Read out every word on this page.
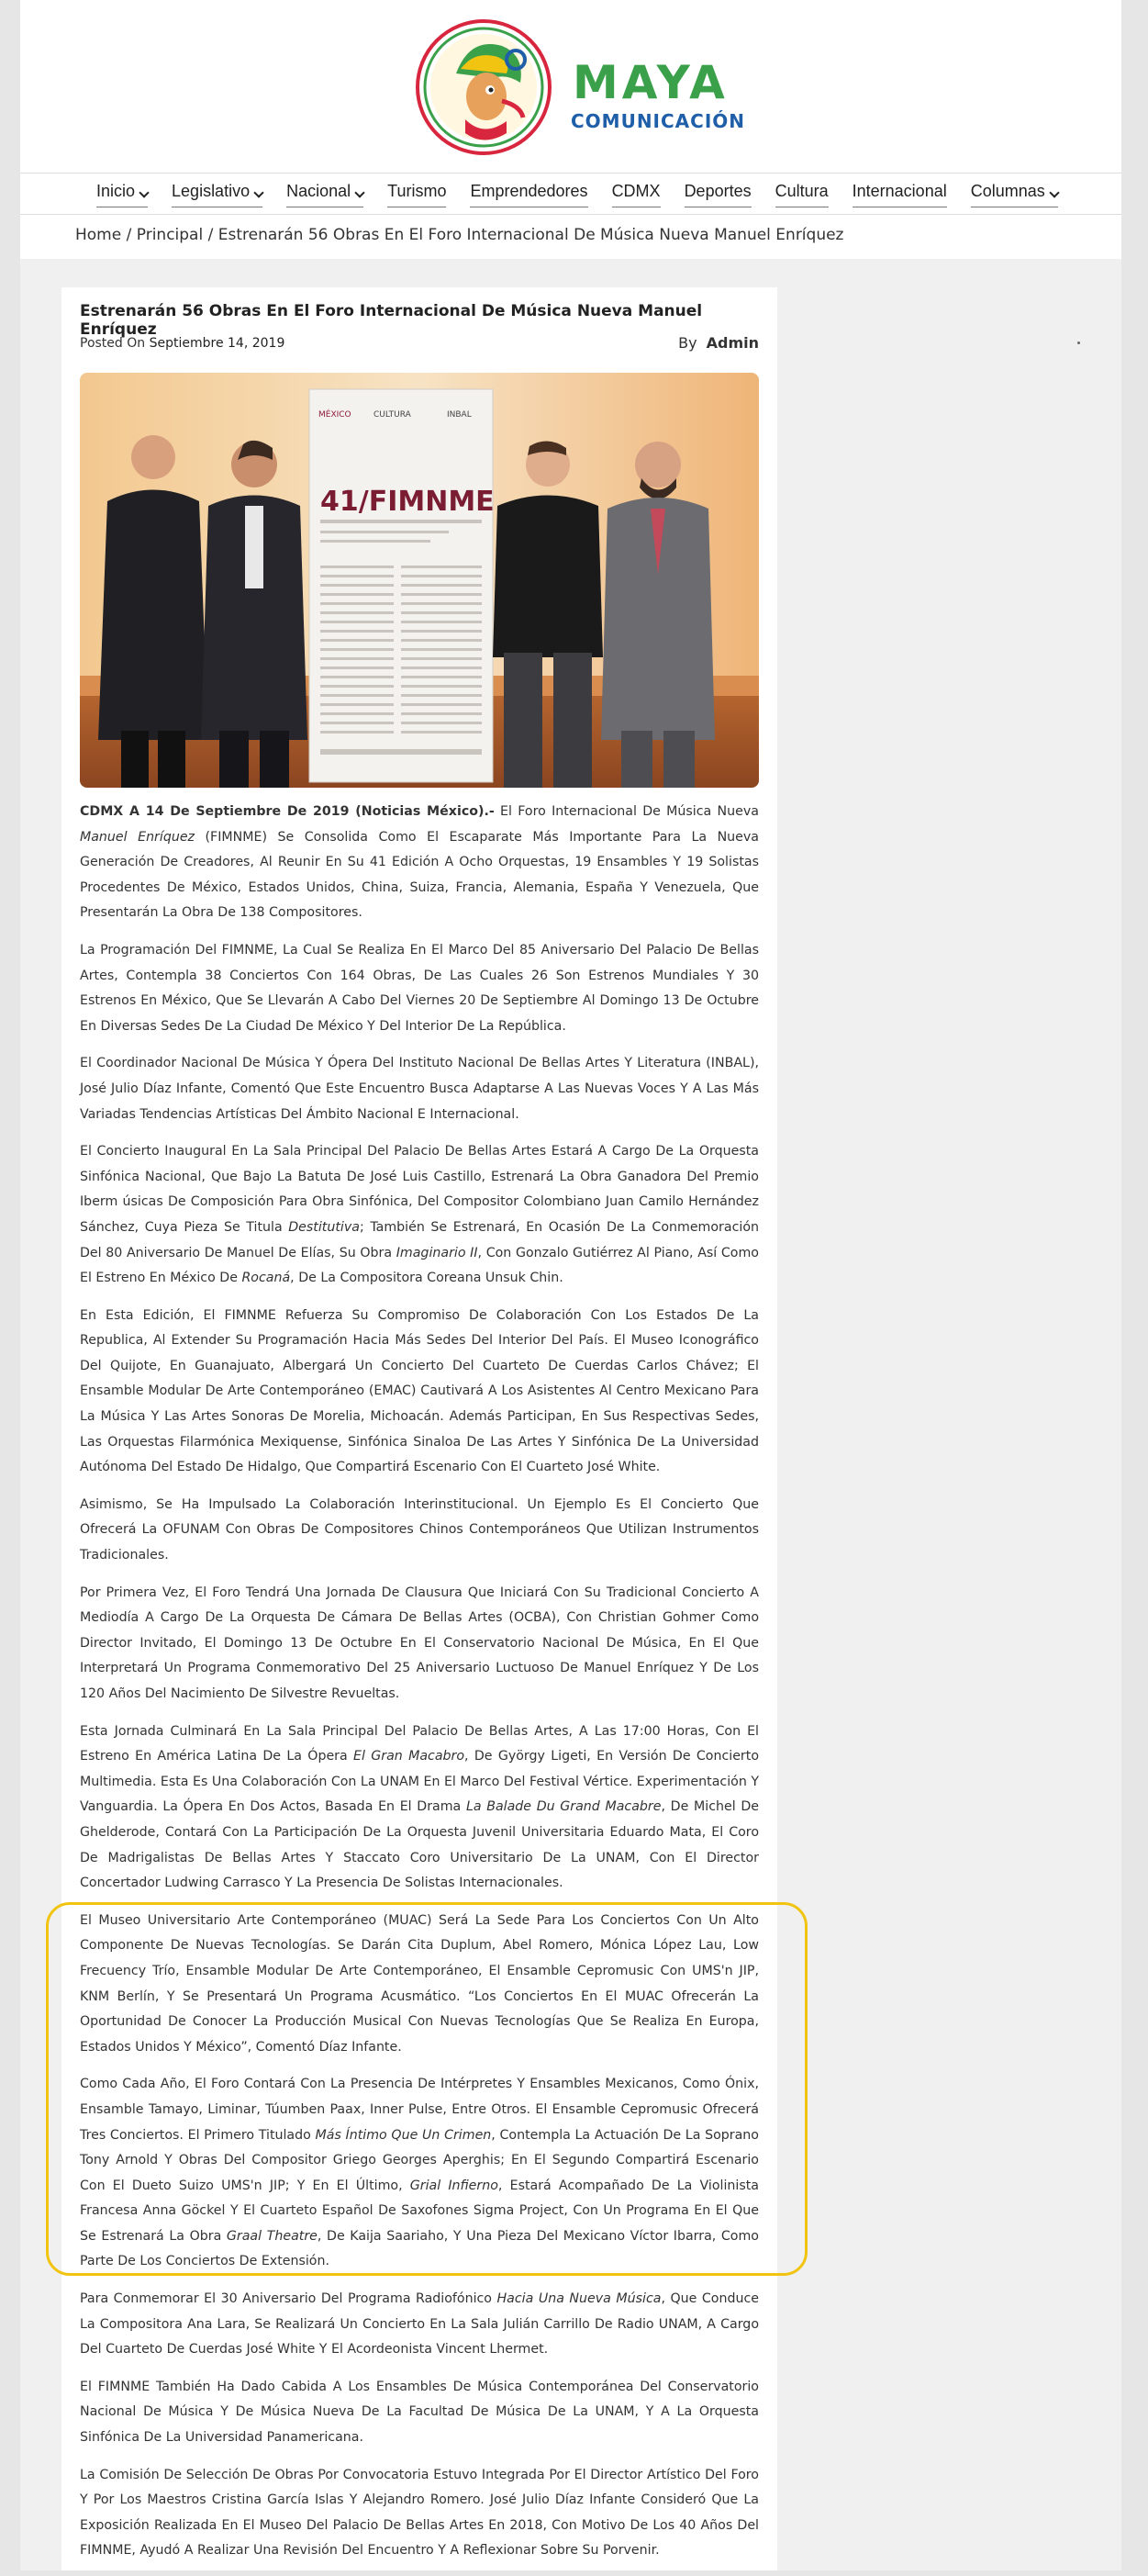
MAYA
COMUNICACIÓN
Inicio	Legislativo	Nacional	Turismo Emprendedores CDMX Deportes Cultura Internacional Columnas
Home / Principal / Estrenarán 56 Obras En El Foro Internacional De Música Nueva Manuel Enríquez
Estrenarán 56 Obras En El Foro Internacional De Música Nueva Manuel Enríquez
Posted On Septiembre 14, 2019	By Admin
MÉXICO	CULTURA	INBAL
41/FIMNME

CDMX A 14 De Septiembre De 2019 (Noticias México).- El Foro Internacional De Música Nueva Manuel Enríquez (FIMNME) Se Consolida Como El Escaparate Más Importante Para La Nueva Generación De Creadores, Al Reunir En Su 41 Edición A Ocho Orquestas, 19 Ensambles Y 19 Solistas Procedentes De México, Estados Unidos, China, Suiza, Francia, Alemania, España Y Venezuela, Que Presentarán La Obra De 138 Compositores.

La Programación Del FIMNME, La Cual Se Realiza En El Marco Del 85 Aniversario Del Palacio De Bellas Artes, Contempla 38 Conciertos Con 164 Obras, De Las Cuales 26 Son Estrenos Mundiales Y 30 Estrenos En México, Que Se Llevarán A Cabo Del Viernes 20 De Septiembre Al Domingo 13 De Octubre En Diversas Sedes De La Ciudad De México Y Del Interior De La República.

El Coordinador Nacional De Música Y Ópera Del Instituto Nacional De Bellas Artes Y Literatura (INBAL), José Julio Díaz Infante, Comentó Que Este Encuentro Busca Adaptarse A Las Nuevas Voces Y A Las Más Variadas Tendencias Artísticas Del Ámbito Nacional E Internacional.

El Concierto Inaugural En La Sala Principal Del Palacio De Bellas Artes Estará A Cargo De La Orquesta Sinfónica Nacional, Que Bajo La Batuta De José Luis Castillo, Estrenará La Obra Ganadora Del Premio Iberm úsicas De Composición Para Obra Sinfónica, Del Compositor Colombiano Juan Camilo Hernández Sánchez, Cuya Pieza Se Titula Destitutiva; También Se Estrenará, En Ocasión De La Conmemoración Del 80 Aniversario De Manuel De Elías, Su Obra Imaginario II, Con Gonzalo Gutiérrez Al Piano, Así Como El Estreno En México De Rocaná, De La Compositora Coreana Unsuk Chin.

En Esta Edición, El FIMNME Refuerza Su Compromiso De Colaboración Con Los Estados De La Republica, Al Extender Su Programación Hacia Más Sedes Del Interior Del País. El Museo Iconográfico Del Quijote, En Guanajuato, Albergará Un Concierto Del Cuarteto De Cuerdas Carlos Chávez; El Ensamble Modular De Arte Contemporáneo (EMAC) Cautivará A Los Asistentes Al Centro Mexicano Para La Música Y Las Artes Sonoras De Morelia, Michoacán. Además Participan, En Sus Respectivas Sedes, Las Orquestas Filarmónica Mexiquense, Sinfónica Sinaloa De Las Artes Y Sinfónica De La Universidad Autónoma Del Estado De Hidalgo, Que Compartirá Escenario Con El Cuarteto José White.

Asimismo, Se Ha Impulsado La Colaboración Interinstitucional. Un Ejemplo Es El Concierto Que Ofrecerá La OFUNAM Con Obras De Compositores Chinos Contemporáneos Que Utilizan Instrumentos Tradicionales.

Por Primera Vez, El Foro Tendrá Una Jornada De Clausura Que Iniciará Con Su Tradicional Concierto A Mediodía A Cargo De La Orquesta De Cámara De Bellas Artes (OCBA), Con Christian Gohmer Como Director Invitado, El Domingo 13 De Octubre En El Conservatorio Nacional De Música, En El Que Interpretará Un Programa Conmemorativo Del 25 Aniversario Luctuoso De Manuel Enríquez Y De Los 120 Años Del Nacimiento De Silvestre Revueltas.

Esta Jornada Culminará En La Sala Principal Del Palacio De Bellas Artes, A Las 17:00 Horas, Con El Estreno En América Latina De La Ópera El Gran Macabro, De György Ligeti, En Versión De Concierto Multimedia. Esta Es Una Colaboración Con La UNAM En El Marco Del Festival Vértice. Experimentación Y Vanguardia. La Ópera En Dos Actos, Basada En El Drama La Balade Du Grand Macabre, De Michel De Ghelderode, Contará Con La Participación De La Orquesta Juvenil Universitaria Eduardo Mata, El Coro De Madrigalistas De Bellas Artes Y Staccato Coro Universitario De La UNAM, Con El Director Concertador Ludwing Carrasco Y La Presencia De Solistas Internacionales.

El Museo Universitario Arte Contemporáneo (MUAC) Será La Sede Para Los Conciertos Con Un Alto Componente De Nuevas Tecnologías. Se Darán Cita Duplum, Abel Romero, Mónica López Lau, Low Frecuency Trío, Ensamble Modular De Arte Contemporáneo, El Ensamble Cepromusic Con UMS'n JIP, KNM Berlín, Y Se Presentará Un Programa Acusmático. “Los Conciertos En El MUAC Ofrecerán La Oportunidad De Conocer La Producción Musical Con Nuevas Tecnologías Que Se Realiza En Europa, Estados Unidos Y México”, Comentó Díaz Infante.

Como Cada Año, El Foro Contará Con La Presencia De Intérpretes Y Ensambles Mexicanos, Como Ónix, Ensamble Tamayo, Liminar, Túumben Paax, Inner Pulse, Entre Otros. El Ensamble Cepromusic Ofrecerá Tres Conciertos. El Primero Titulado Más Íntimo Que Un Crimen, Contempla La Actuación De La Soprano Tony Arnold Y Obras Del Compositor Griego Georges Aperghis; En El Segundo Compartirá Escenario Con El Dueto Suizo UMS'n JIP; Y En El Último, Grial Infierno, Estará Acompañado De La Violinista Francesa Anna Göckel Y El Cuarteto Español De Saxofones Sigma Project, Con Un Programa En El Que Se Estrenará La Obra Graal Theatre, De Kaija Saariaho, Y Una Pieza Del Mexicano Víctor Ibarra, Como Parte De Los Conciertos De Extensión.

Para Conmemorar El 30 Aniversario Del Programa Radiofónico Hacia Una Nueva Música, Que Conduce La Compositora Ana Lara, Se Realizará Un Concierto En La Sala Julián Carrillo De Radio UNAM, A Cargo Del Cuarteto De Cuerdas José White Y El Acordeonista Vincent Lhermet.

El FIMNME También Ha Dado Cabida A Los Ensambles De Música Contemporánea Del Conservatorio Nacional De Música Y De Música Nueva De La Facultad De Música De La UNAM, Y A La Orquesta Sinfónica De La Universidad Panamericana.

La Comisión De Selección De Obras Por Convocatoria Estuvo Integrada Por El Director Artístico Del Foro Y Por Los Maestros Cristina García Islas Y Alejandro Romero. José Julio Díaz Infante Consideró Que La Exposición Realizada En El Museo Del Palacio De Bellas Artes En 2018, Con Motivo De Los 40 Años Del FIMNME, Ayudó A Realizar Una Revisión Del Encuentro Y A Reflexionar Sobre Su Porvenir.
